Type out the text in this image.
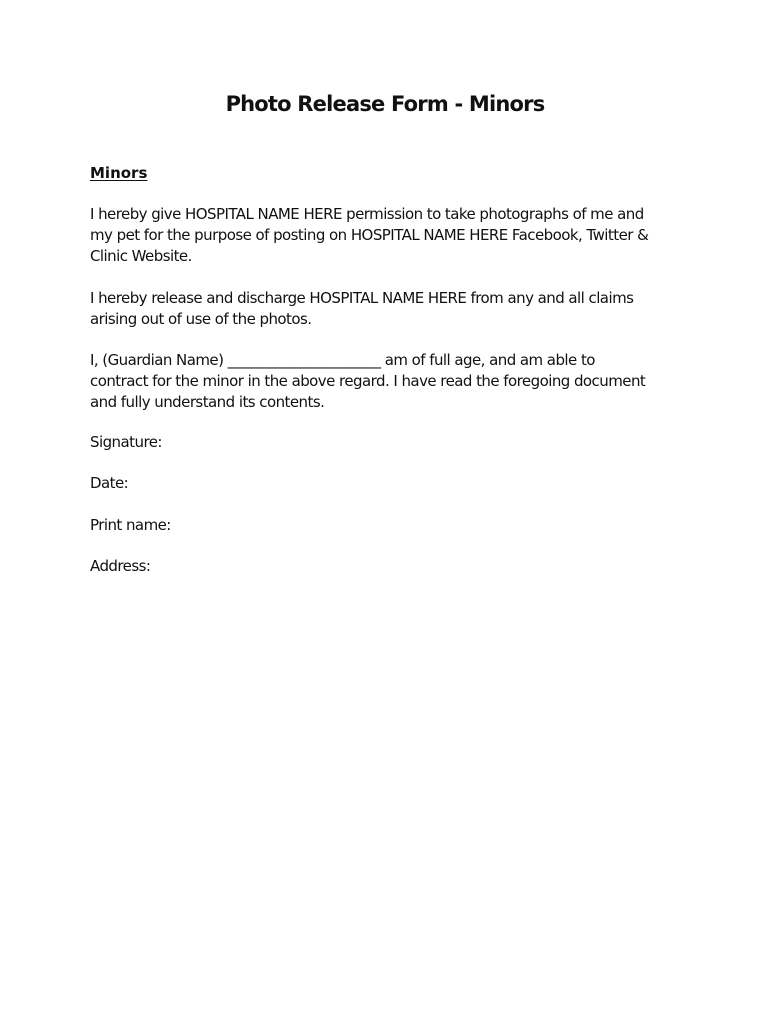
Photo Release Form - Minors
Minors

I hereby give HOSPITAL NAME HERE permission to take photographs of me and
my pet for the purpose of posting on HOSPITAL NAME HERE Facebook, Twitter &
Clinic Website.

I hereby release and discharge HOSPITAL NAME HERE from any and all claims
arising out of use of the photos.

I, (Guardian Name) ______________________ am of full age, and am able to
contract for the minor in the above regard. I have read the foregoing document
and fully understand its contents.

Signature:

Date:

Print name:

Address:
